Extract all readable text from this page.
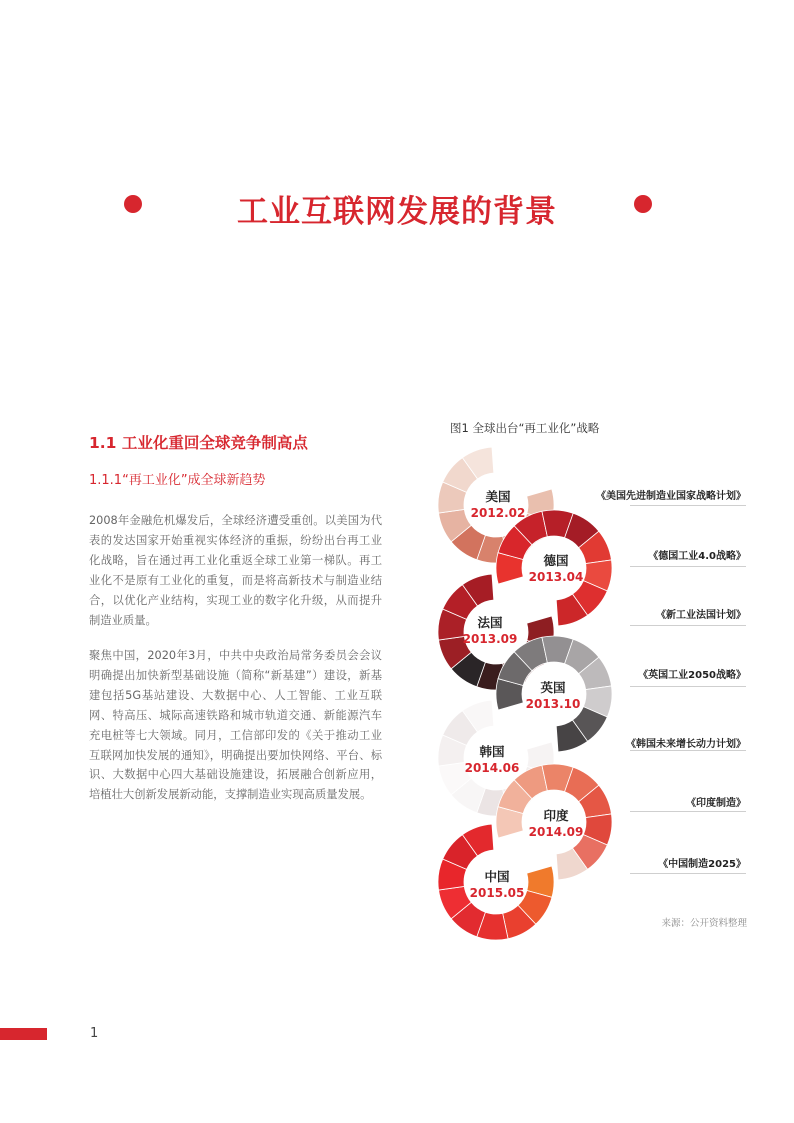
工业互联网发展的背景
1.1 工业化重回全球竞争制高点
1.1.1“再工业化”成全球新趋势
2008年金融危机爆发后，全球经济遭受重创。以美国为代表的发达国家开始重视实体经济的重振，纷纷出台再工业化战略，旨在通过再工业化重返全球工业第一梯队。再工业化不是原有工业化的重复，而是将高新技术与制造业结合，以优化产业结构，实现工业的数字化升级，从而提升制造业质量。
聚焦中国，2020年3月，中共中央政治局常务委员会会议明确提出加快新型基础设施（简称“新基建”）建设，新基建包括5G基站建设、大数据中心、人工智能、工业互联网、特高压、城际高速铁路和城市轨道交通、新能源汽车充电桩等七大领域。同月，工信部印发的《关于推动工业互联网加快发展的通知》，明确提出要加快网络、平台、标识、大数据中心四大基础设施建设，拓展融合创新应用，培植壮大创新发展新动能，支撑制造业实现高质量发展。
图1 全球出台“再工业化”战略
美国
2012.02
德国
2013.04
法国
2013.09
英国
2013.10
韩国
2014.06
印度
2014.09
中国
2015.05
《美国先进制造业国家战略计划》
《德国工业4.0战略》
《新工业法国计划》
《英国工业2050战略》
《韩国未来增长动力计划》
《印度制造》
《中国制造2025》
来源：公开资料整理
1
